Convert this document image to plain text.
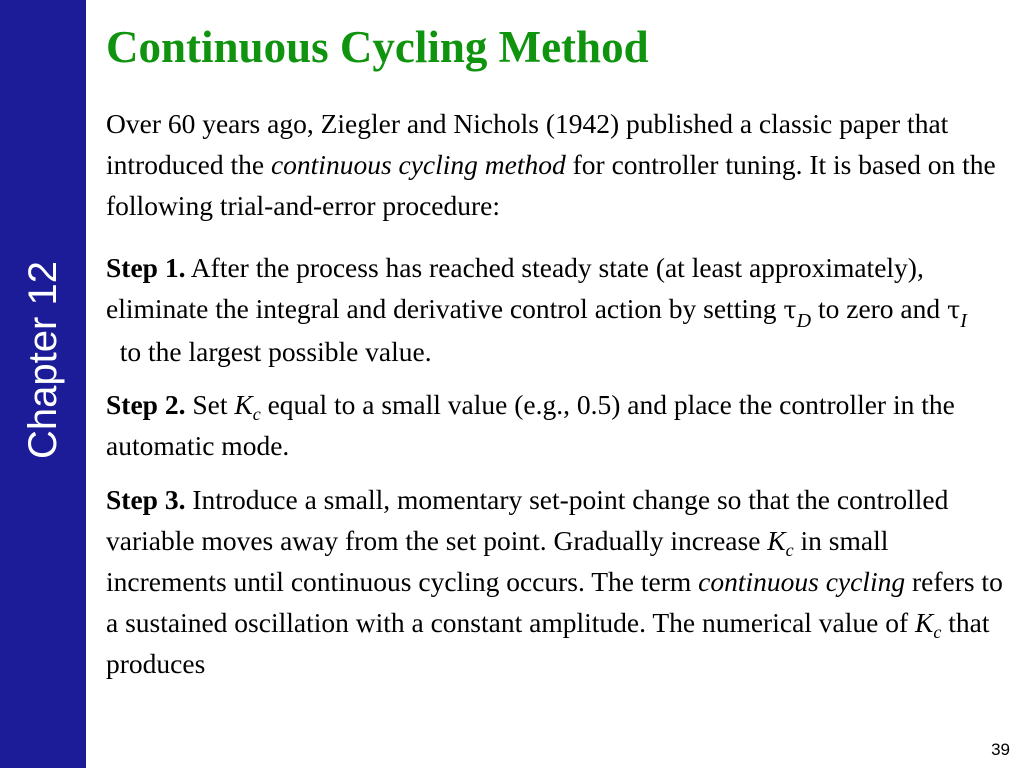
Chapter 12
Continuous Cycling Method

Over 60 years ago, Ziegler and Nichols (1942) published a classic paper that introduced the continuous cycling method for controller tuning. It is based on the following trial-and-error procedure:

Step 1. After the process has reached steady state (at least approximately), eliminate the integral and derivative control action by setting $\tau_D$ to zero and $\tau_I$  to the largest possible value.

Step 2. Set $K_c$ equal to a small value (e.g., 0.5) and place the controller in the automatic mode.

Step 3. Introduce a small, momentary set-point change so that the controlled variable moves away from the set point. Gradually increase $K_c$ in small increments until continuous cycling occurs. The term continuous cycling refers to a sustained oscillation with a constant amplitude. The numerical value of $K_c$ that produces

39
